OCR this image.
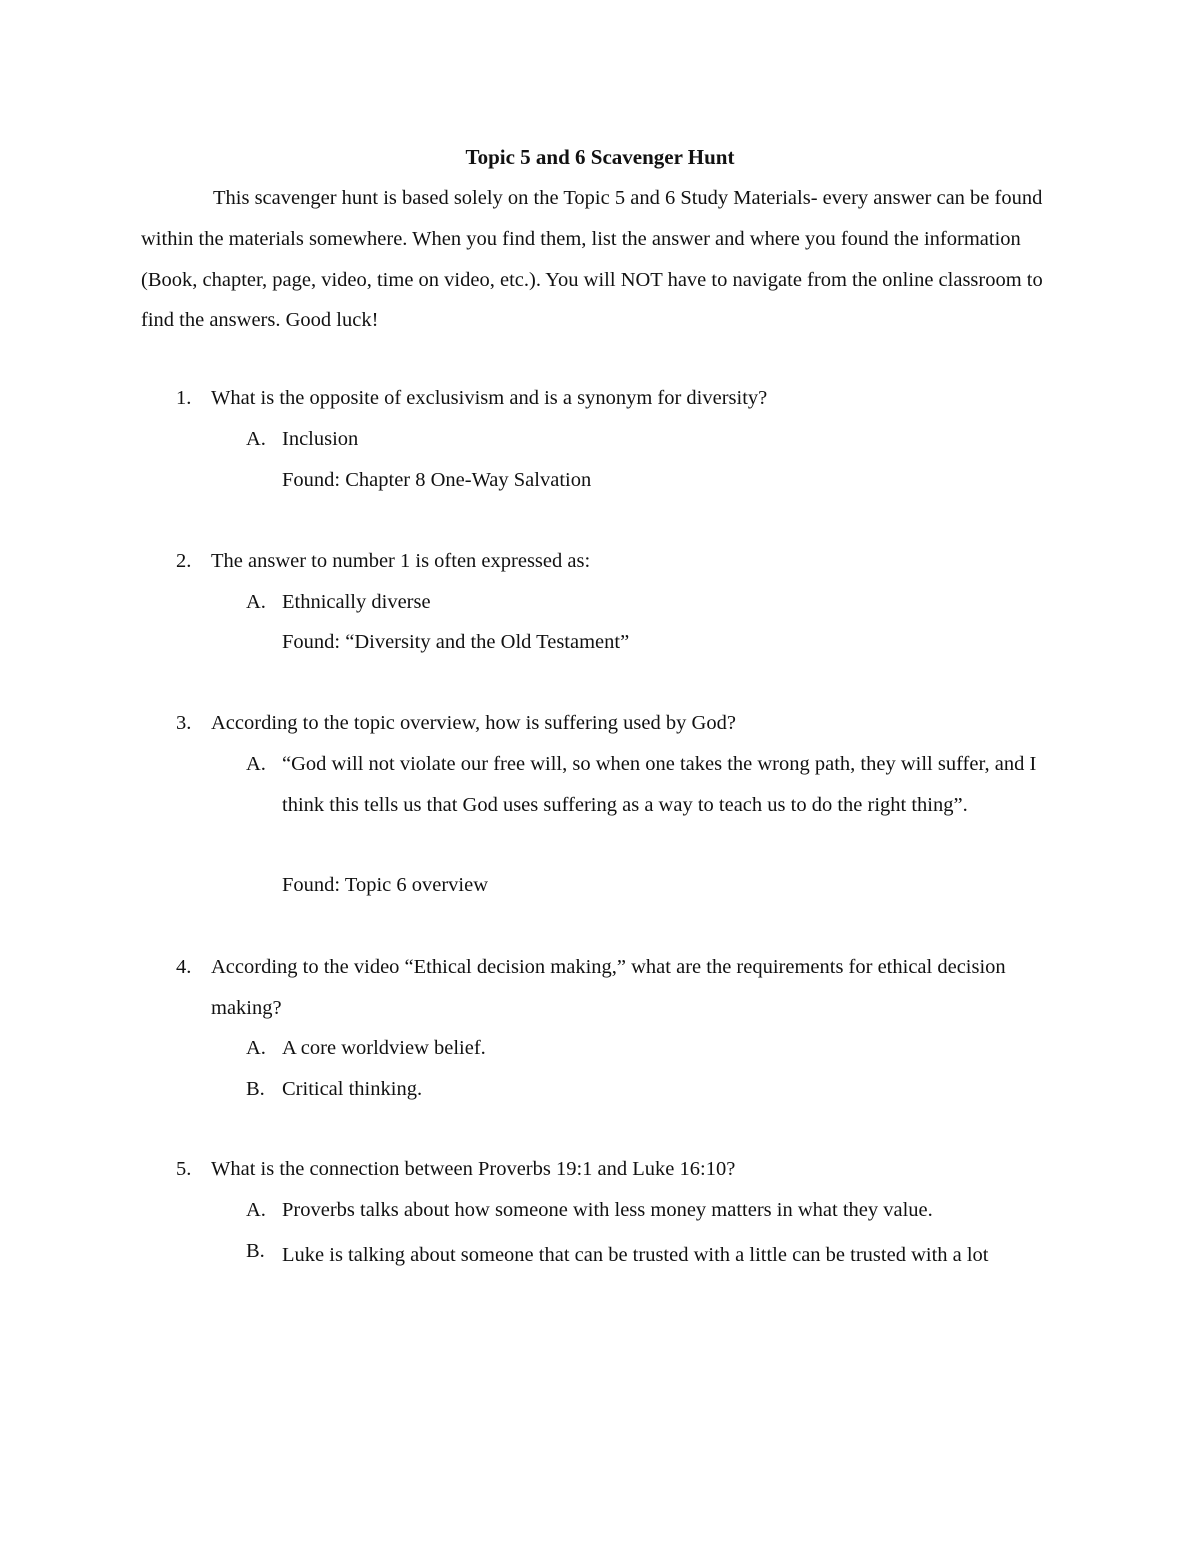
Topic 5 and 6 Scavenger Hunt
This scavenger hunt is based solely on the Topic 5 and 6 Study Materials- every answer can be found within the materials somewhere. When you find them, list the answer and where you found the information (Book, chapter, page, video, time on video, etc.). You will NOT have to navigate from the online classroom to find the answers. Good luck!
1. What is the opposite of exclusivism and is a synonym for diversity?
A. Inclusion
Found: Chapter 8 One-Way Salvation
2. The answer to number 1 is often expressed as:
A. Ethnically diverse
Found: “Diversity and the Old Testament”
3. According to the topic overview, how is suffering used by God?
A. “God will not violate our free will, so when one takes the wrong path, they will suffer, and I think this tells us that God uses suffering as a way to teach us to do the right thing”.
Found: Topic 6 overview
4. According to the video “Ethical decision making,” what are the requirements for ethical decision making?
A. A core worldview belief.
B. Critical thinking.
5. What is the connection between Proverbs 19:1 and Luke 16:10?
A. Proverbs talks about how someone with less money matters in what they value.
B. Luke is talking about someone that can be trusted with a little can be trusted with a lot
